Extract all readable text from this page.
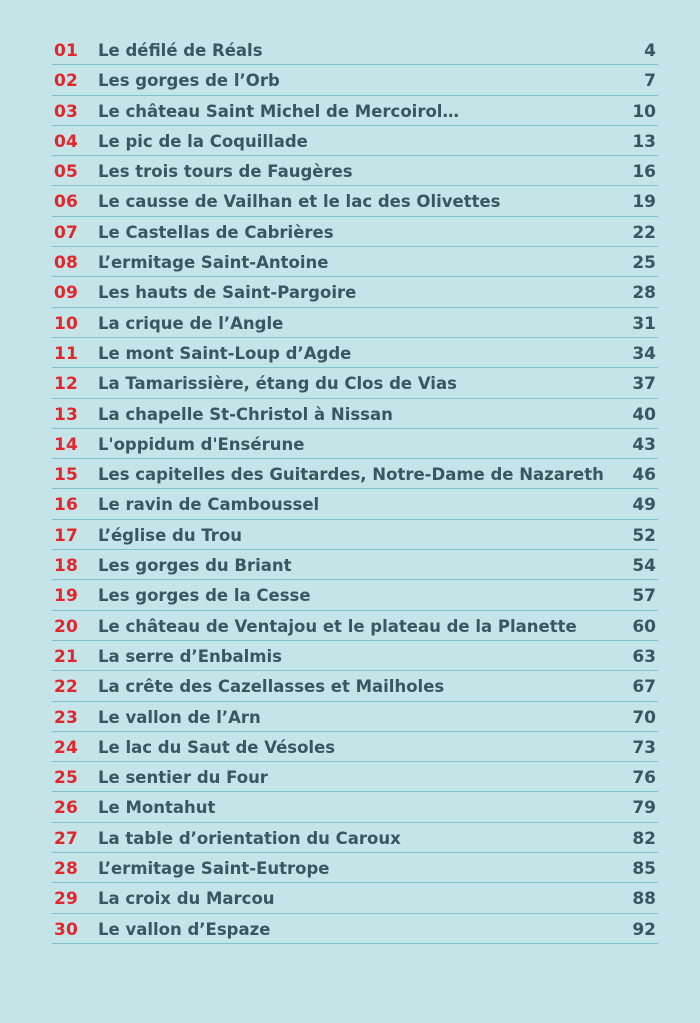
01 Le défilé de Réals	4
02 Les gorges de l’Orb	7
03 Le château Saint Michel de Mercoirol…	10
04 Le pic de la Coquillade	13
05 Les trois tours de Faugères	16
06 Le causse de Vailhan et le lac des Olivettes	19
07 Le Castellas de Cabrières	22
08 L’ermitage Saint-Antoine	25
09 Les hauts de Saint-Pargoire	28
10 La crique de l’Angle	31
11 Le mont Saint-Loup d’Agde	34
12 La Tamarissière, étang du Clos de Vias	37
13 La chapelle St-Christol à Nissan	40
14 L'oppidum d'Ensérune	43
15 Les capitelles des Guitardes, Notre-Dame de Nazareth 46
16 Le ravin de Camboussel	49
17 L’église du Trou	52
18 Les gorges du Briant	54
19 Les gorges de la Cesse	57
20 Le château de Ventajou et le plateau de la Planette	60
21 La serre d’Enbalmis	63
22 La crête des Cazellasses et Mailholes	67
23 Le vallon de l’Arn	70
24 Le lac du Saut de Vésoles	73
25 Le sentier du Four	76
26 Le Montahut	79
27 La table d’orientation du Caroux	82
28 L’ermitage Saint-Eutrope	85
29 La croix du Marcou	88
30 Le vallon d’Espaze	92
